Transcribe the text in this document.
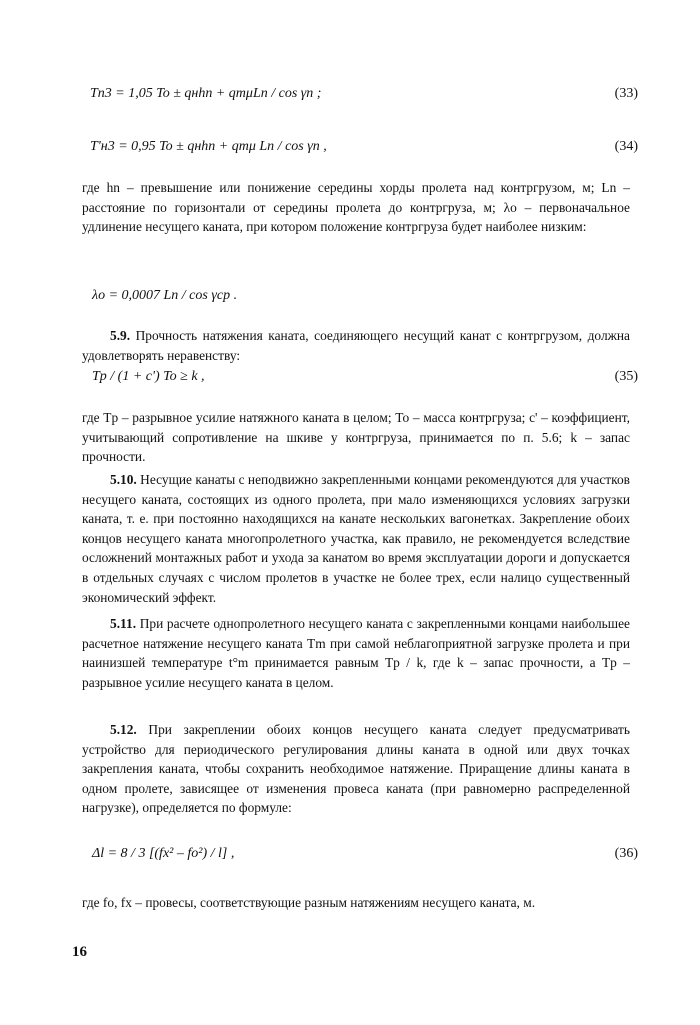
Tп3 = 1,05 To ± qнhn + qmμLn / cos γn ;	(33)
T'н3 = 0,95 To ± qнhn + qmμ Ln / cos γn ,	(34)
где hn – превышение или понижение середины хорды пролета над контргрузом, м; Ln – расстояние по горизонтали от середины пролета до контргруза, м; λo – первоначальное удлинение несущего каната, при котором положение контргруза будет наиболее низким:
λo = 0,0007 Ln / cos γср .
5.9. Прочность натяжения каната, соединяющего несущий канат с контргрузом, должна удовлетворять неравенству:
Tр / (1 + c') To ≥ k ,	(35)
где Tр – разрывное усилие натяжного каната в целом; To – масса контргруза; c' – коэффициент, учитывающий сопротивление на шкиве у контргруза, принимается по п. 5.6; k – запас прочности.
5.10. Несущие канаты с неподвижно закрепленными концами рекомендуются для участков несущего каната, состоящих из одного пролета, при мало изменяющихся условиях загрузки каната, т. е. при постоянно находящихся на канате нескольких вагонетках. Закрепление обоих концов несущего каната многопролетного участка, как правило, не рекомендуется вследствие осложнений монтажных работ и ухода за канатом во время эксплуатации дороги и допускается в отдельных случаях с числом пролетов в участке не более трех, если налицо существенный экономический эффект.
5.11. При расчете однопролетного несущего каната с закрепленными концами наибольшее расчетное натяжение несущего каната Tm при самой неблагоприятной загрузке пролета и при наинизшей температуре t°m принимается равным Tр / k, где k – запас прочности, а Tр – разрывное усилие несущего каната в целом.
5.12. При закреплении обоих концов несущего каната следует предусматривать устройство для периодического регулирования длины каната в одной или двух точках закрепления каната, чтобы сохранить необходимое натяжение. Приращение длины каната в одном пролете, зависящее от изменения провеса каната (при равномерно распределенной нагрузке), определяется по формуле:
Δl = 8 / 3 [(fx² – fo²) / l] ,	(36)
где fo, fx – провесы, соответствующие разным натяжениям несущего каната, м.
16
